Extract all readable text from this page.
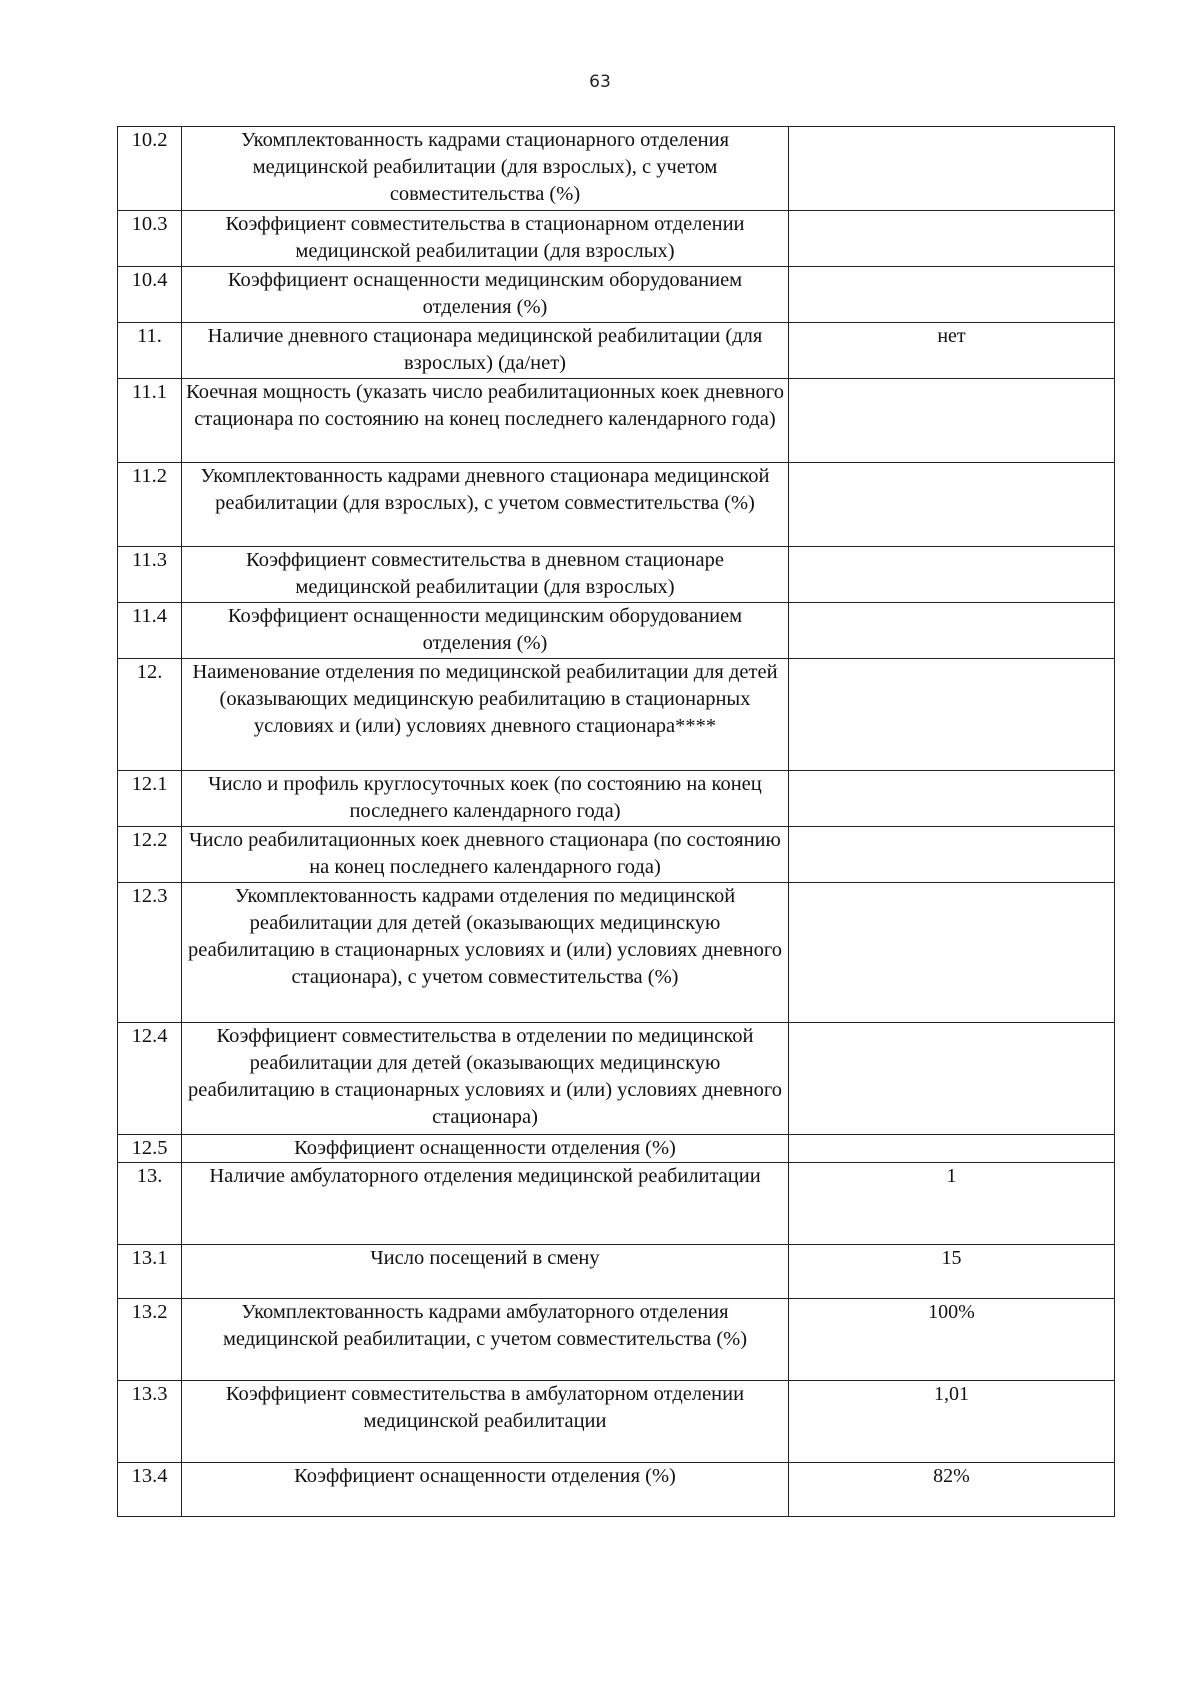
63
10.2	Укомплектованность кадрами стационарного отделения медицинской реабилитации (для взрослых), с учетом совместительства (%)	
10.3	Коэффициент совместительства в стационарном отделении медицинской реабилитации (для взрослых)	
10.4	Коэффициент оснащенности медицинским оборудованием отделения (%)	
11.	Наличие дневного стационара медицинской реабилитации (для взрослых) (да/нет)	нет
11.1	Коечная мощность (указать число реабилитационных коек дневного стационара по состоянию на конец последнего календарного года)	
11.2	Укомплектованность кадрами дневного стационара медицинской реабилитации (для взрослых), с учетом совместительства (%)	
11.3	Коэффициент совместительства в дневном стационаре медицинской реабилитации (для взрослых)	
11.4	Коэффициент оснащенности медицинским оборудованием отделения (%)	
12.	Наименование отделения по медицинской реабилитации для детей (оказывающих медицинскую реабилитацию в стационарных условиях и (или) условиях дневного стационара****	
12.1	Число и профиль круглосуточных коек (по состоянию на конец последнего календарного года)	
12.2	Число реабилитационных коек дневного стационара (по состоянию на конец последнего календарного года)	
12.3	Укомплектованность кадрами отделения по медицинской реабилитации для детей (оказывающих медицинскую реабилитацию в стационарных условиях и (или) условиях дневного стационара), с учетом совместительства (%)	
12.4	Коэффициент совместительства в отделении по медицинской реабилитации для детей (оказывающих медицинскую реабилитацию в стационарных условиях и (или) условиях дневного стационара)	
12.5	Коэффициент оснащенности отделения (%)	
13.	Наличие амбулаторного отделения медицинской реабилитации	1
13.1	Число посещений в смену	15
13.2	Укомплектованность кадрами амбулаторного отделения медицинской реабилитации, с учетом совместительства (%)	100%
13.3	Коэффициент совместительства в амбулаторном отделении медицинской реабилитации	1,01
13.4	Коэффициент оснащенности отделения (%)	82%
